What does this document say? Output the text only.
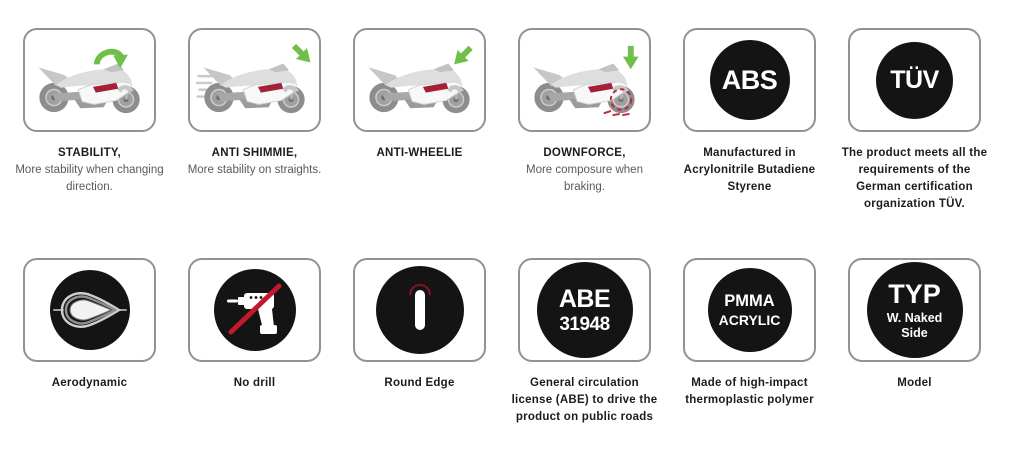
STABILITY,
More stability when changing direction.
ANTI SHIMMIE,
More stability on straights.
ANTI-WHEELIE	DOWNFORCE,
More composure when braking.
ABS
Manufactured in Acrylonitrile Butadiene Styrene
TÜV
The product meets all the requirements of the German certification organization TÜV.
Aerodynamic	No drill	Round Edge
ABE
31948
General circulation license (ABE) to drive the product on public roads
PMMA
ACRYLIC
Made of high-impact thermoplastic polymer
TYP
W. Naked
Side
Model
